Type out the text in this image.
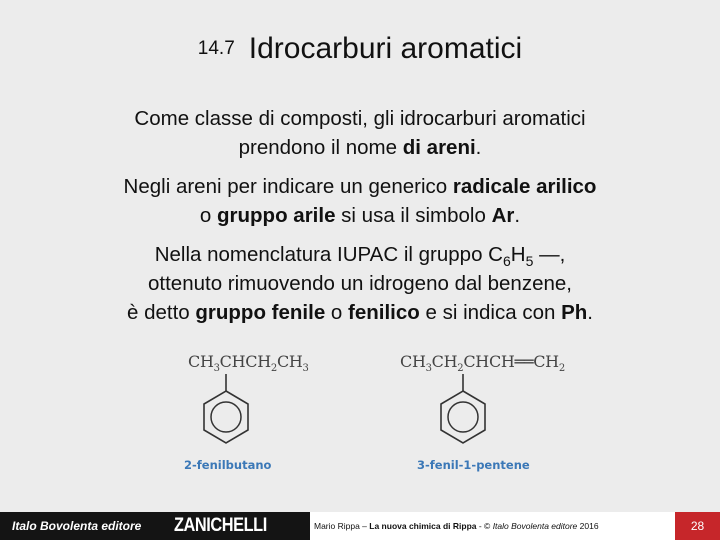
14.7 Idrocarburi aromatici
Come classe di composti, gli idrocarburi aromatici
prendono il nome di areni.
Negli areni per indicare un generico radicale arilico
o gruppo arile si usa il simbolo Ar.
Nella nomenclatura IUPAC il gruppo $C_6H_5$ —,
ottenuto rimuovendo un idrogeno dal benzene,
è detto gruppo fenile o fenilico e si indica con Ph.
$CH_3CHCH_2CH_3$
2-fenilbutano
$CH_3CH_2CHCH══CH_2$
3-fenil-1-pentene
Italo Bovolenta editore ZANICHELLI	Mario Rippa – La nuova chimica di Rippa - © Italo Bovolenta editore 2016	28
